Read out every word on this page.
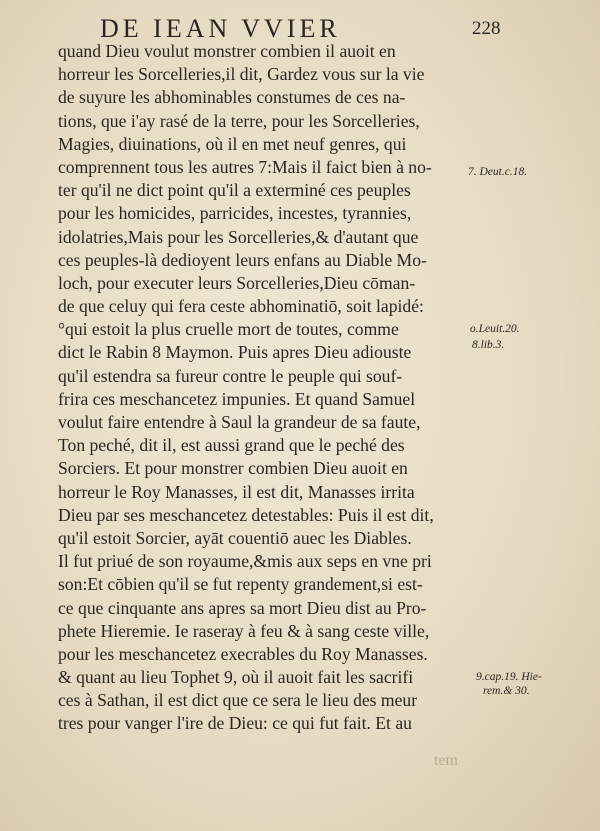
DE IEAN VVIER	228
quand Dieu voulut monstrer combien il auoit en
horreur les Sorcelleries,il dit, Gardez vous sur la vie
de suyure les abhominables constumes de ces na-
tions, que i'ay rasé de la terre, pour les Sorcelleries,
Magies, diuinations, où il en met neuf genres, qui
comprennent tous les autres 7:Mais il faict bien à no-
ter qu'il ne dict point qu'il a exterminé ces peuples
pour les homicides, parricides, incestes, tyrannies,
idolatries,Mais pour les Sorcelleries,& d'autant que
ces peuples-là dedioyent leurs enfans au Diable Mo-
loch, pour executer leurs Sorcelleries,Dieu cōman-
de que celuy qui fera ceste abhominatiō, soit lapidé:
°qui estoit la plus cruelle mort de toutes, comme
dict le Rabin 8 Maymon. Puis apres Dieu adiouste
qu'il estendra sa fureur contre le peuple qui souf-
frira ces meschancetez impunies. Et quand Samuel
voulut faire entendre à Saul la grandeur de sa faute,
Ton peché, dit il, est aussi grand que le peché des
Sorciers. Et pour monstrer combien Dieu auoit en
horreur le Roy Manasses, il est dit, Manasses irrita
Dieu par ses meschancetez detestables: Puis il est dit,
qu'il estoit Sorcier, ayāt couentiō auec les Diables.
Il fut priué de son royaume,&mis aux seps en vne pri
son:Et cōbien qu'il se fut repenty grandement,si est-
ce que cinquante ans apres sa mort Dieu dist au Pro-
phete Hieremie. Ie raseray à feu & à sang ceste ville,
pour les meschancetez execrables du Roy Manasses.
& quant au lieu Tophet 9, où il auoit fait les sacrifi
ces à Sathan, il est dict que ce sera le lieu des meur
tres pour vanger l'ire de Dieu: ce qui fut fait. Et au
tem
7. Deut.c.18.
o.Leuit.20.
8.lib.3.
9.cap.19. Hie-
rem.& 30.
